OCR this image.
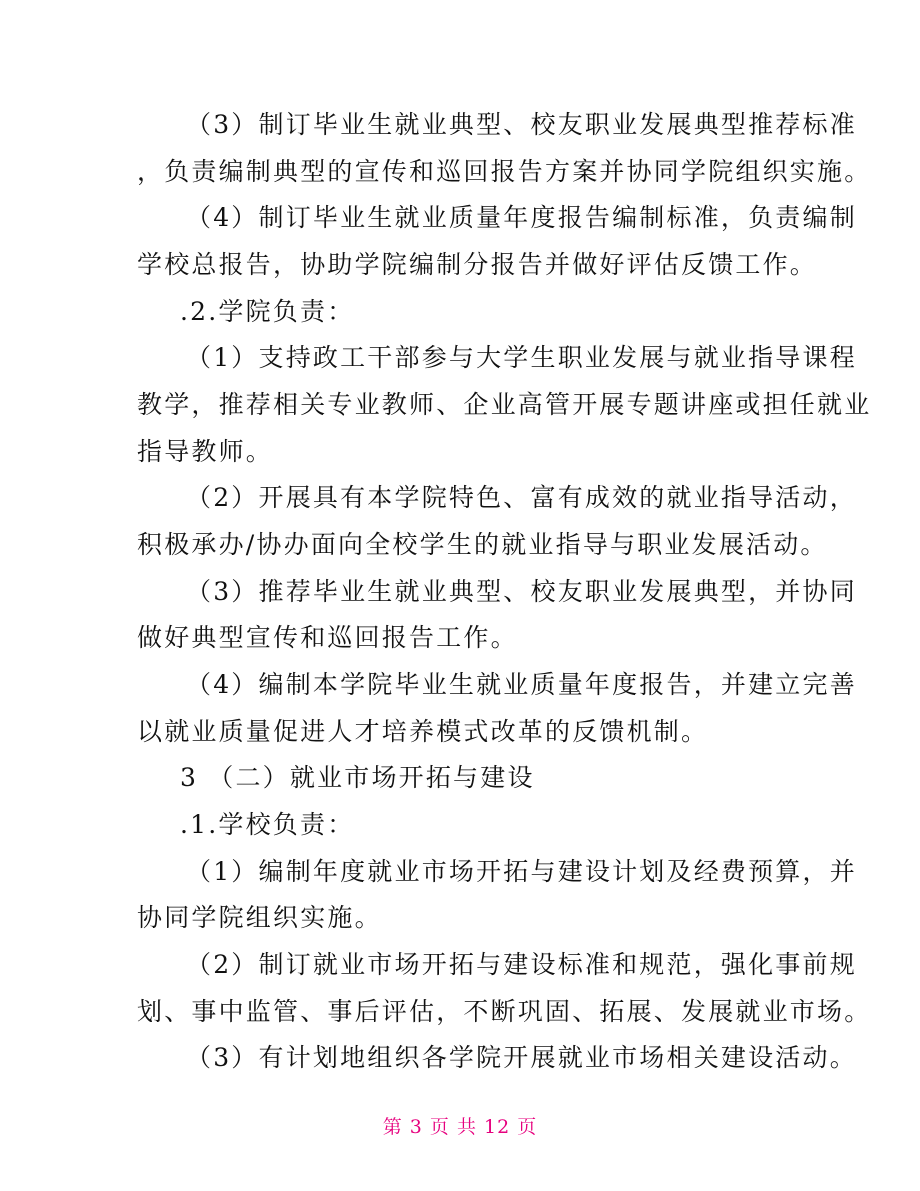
（3）制订毕业生就业典型、校友职业发展典型推荐标准
，负责编制典型的宣传和巡回报告方案并协同学院组织实施。
（4）制订毕业生就业质量年度报告编制标准，负责编制
学校总报告，协助学院编制分报告并做好评估反馈工作。
.2.学院负责：
（1）支持政工干部参与大学生职业发展与就业指导课程
教学，推荐相关专业教师、企业高管开展专题讲座或担任就业
指导教师。
（2）开展具有本学院特色、富有成效的就业指导活动，
积极承办/协办面向全校学生的就业指导与职业发展活动。
（3）推荐毕业生就业典型、校友职业发展典型，并协同
做好典型宣传和巡回报告工作。
（4）编制本学院毕业生就业质量年度报告，并建立完善
以就业质量促进人才培养模式改革的反馈机制。
3 （二）就业市场开拓与建设
.1.学校负责：
（1）编制年度就业市场开拓与建设计划及经费预算，并
协同学院组织实施。
（2）制订就业市场开拓与建设标准和规范，强化事前规
划、事中监管、事后评估，不断巩固、拓展、发展就业市场。
（3）有计划地组织各学院开展就业市场相关建设活动。
第 3 页 共 12 页
